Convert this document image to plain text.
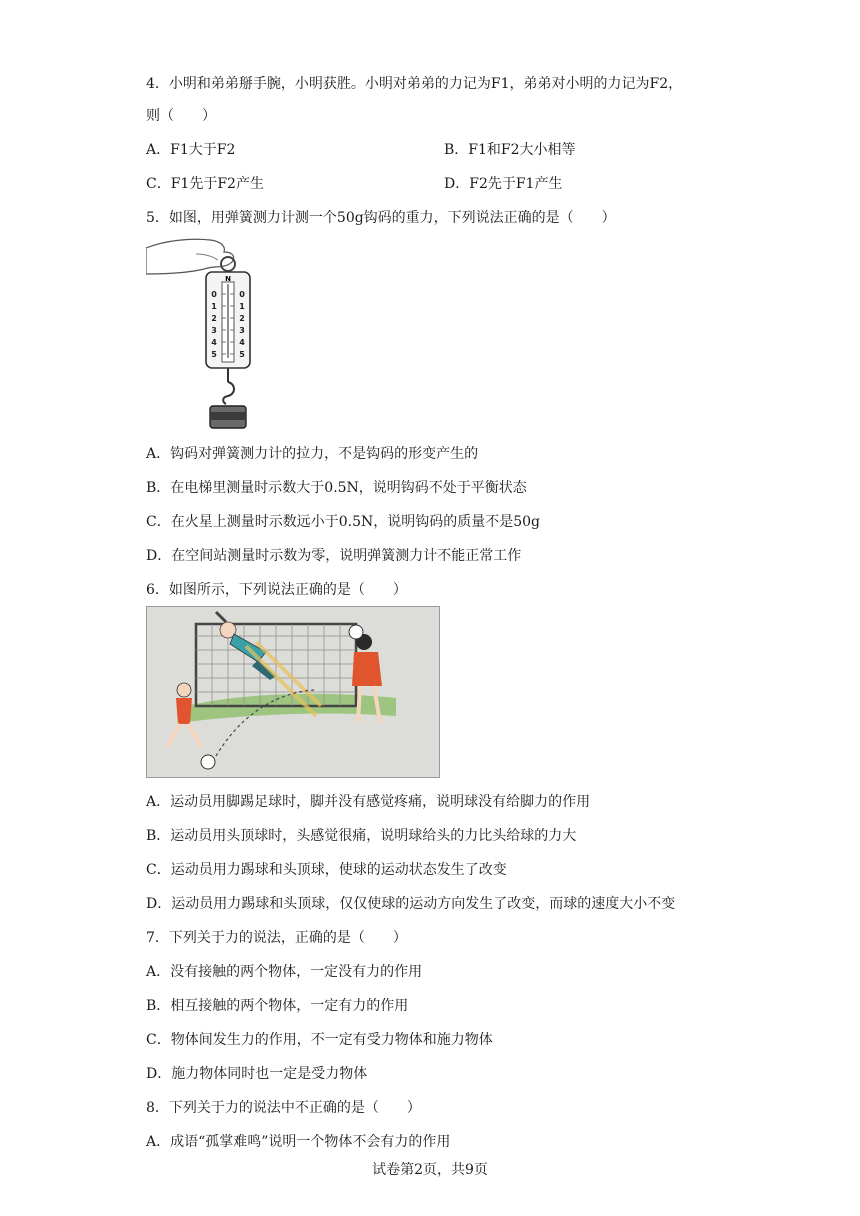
4．小明和弟弟掰手腕，小明获胜。小明对弟弟的力记为F1，弟弟对小明的力记为F2，
则（　　）
A．F1大于F2	B．F1和F2大小相等
C．F1先于F2产生	D．F2先于F1产生
5．如图，用弹簧测力计测一个50g钩码的重力，下列说法正确的是（　　）
N
0
1
2
3
4
5
0
1
2
3
4
5
A．钩码对弹簧测力计的拉力，不是钩码的形变产生的
B．在电梯里测量时示数大于0.5N，说明钩码不处于平衡状态
C．在火星上测量时示数远小于0.5N，说明钩码的质量不是50g
D．在空间站测量时示数为零，说明弹簧测力计不能正常工作
6．如图所示，下列说法正确的是（　　）
A．运动员用脚踢足球时，脚并没有感觉疼痛，说明球没有给脚力的作用
B．运动员用头顶球时，头感觉很痛，说明球给头的力比头给球的力大
C．运动员用力踢球和头顶球，使球的运动状态发生了改变
D．运动员用力踢球和头顶球，仅仅使球的运动方向发生了改变，而球的速度大小不变
7．下列关于力的说法，正确的是（　　）
A．没有接触的两个物体，一定没有力的作用
B．相互接触的两个物体，一定有力的作用
C．物体间发生力的作用，不一定有受力物体和施力物体
D．施力物体同时也一定是受力物体
8．下列关于力的说法中不正确的是（　　）
A．成语“孤掌难鸣”说明一个物体不会有力的作用
试卷第2页，共9页
